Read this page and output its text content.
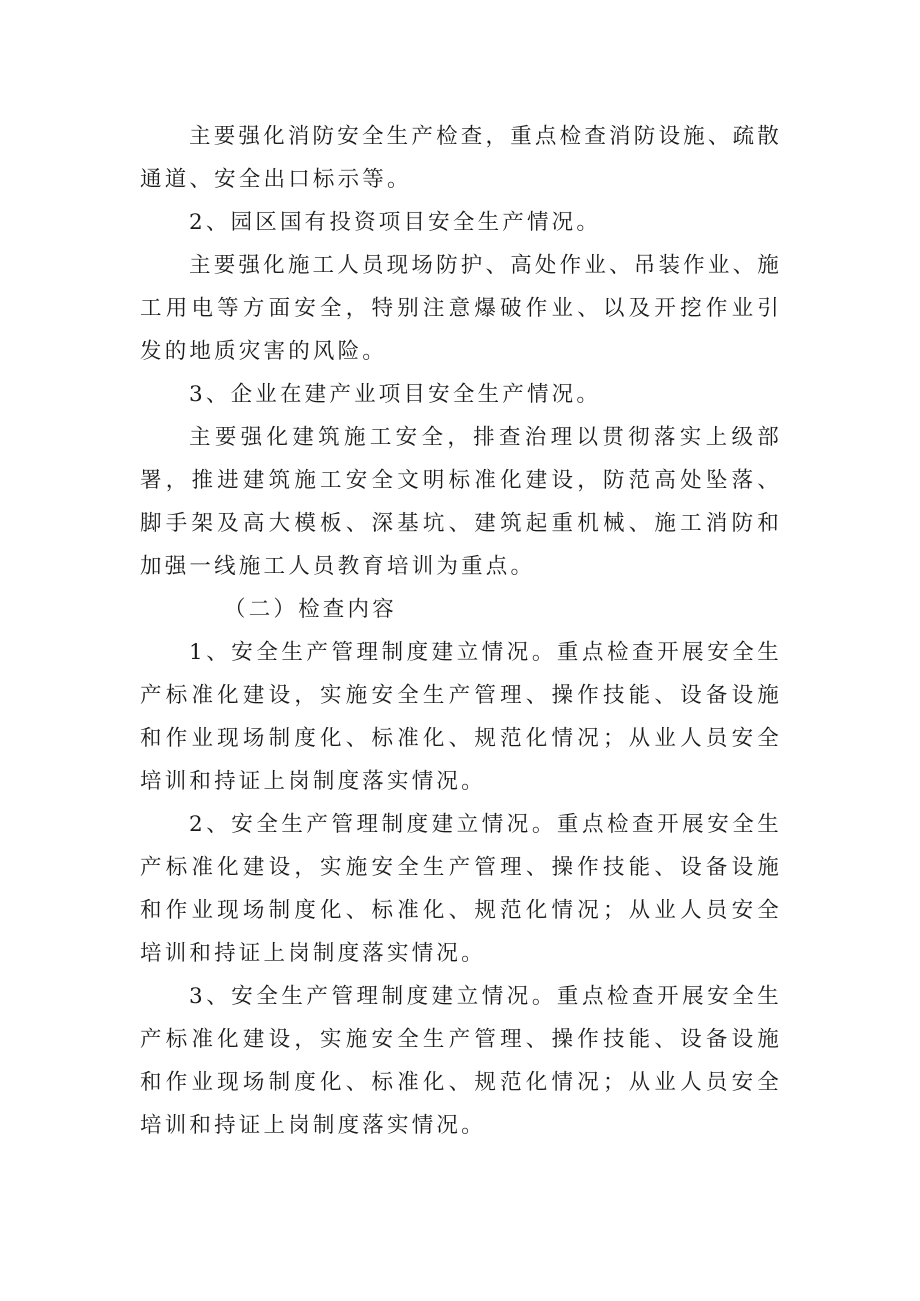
主要强化消防安全生产检查，重点检查消防设施、疏散通道、安全出口标示等。

2、园区国有投资项目安全生产情况。

主要强化施工人员现场防护、高处作业、吊装作业、施工用电等方面安全，特别注意爆破作业、以及开挖作业引发的地质灾害的风险。

3、企业在建产业项目安全生产情况。

主要强化建筑施工安全，排查治理以贯彻落实上级部署，推进建筑施工安全文明标准化建设，防范高处坠落、脚手架及高大模板、深基坑、建筑起重机械、施工消防和加强一线施工人员教育培训为重点。

（二）检查内容

1、安全生产管理制度建立情况。重点检查开展安全生产标准化建设，实施安全生产管理、操作技能、设备设施和作业现场制度化、标准化、规范化情况；从业人员安全培训和持证上岗制度落实情况。

2、安全生产管理制度建立情况。重点检查开展安全生产标准化建设，实施安全生产管理、操作技能、设备设施和作业现场制度化、标准化、规范化情况；从业人员安全培训和持证上岗制度落实情况。

3、安全生产管理制度建立情况。重点检查开展安全生产标准化建设，实施安全生产管理、操作技能、设备设施和作业现场制度化、标准化、规范化情况；从业人员安全培训和持证上岗制度落实情况。
